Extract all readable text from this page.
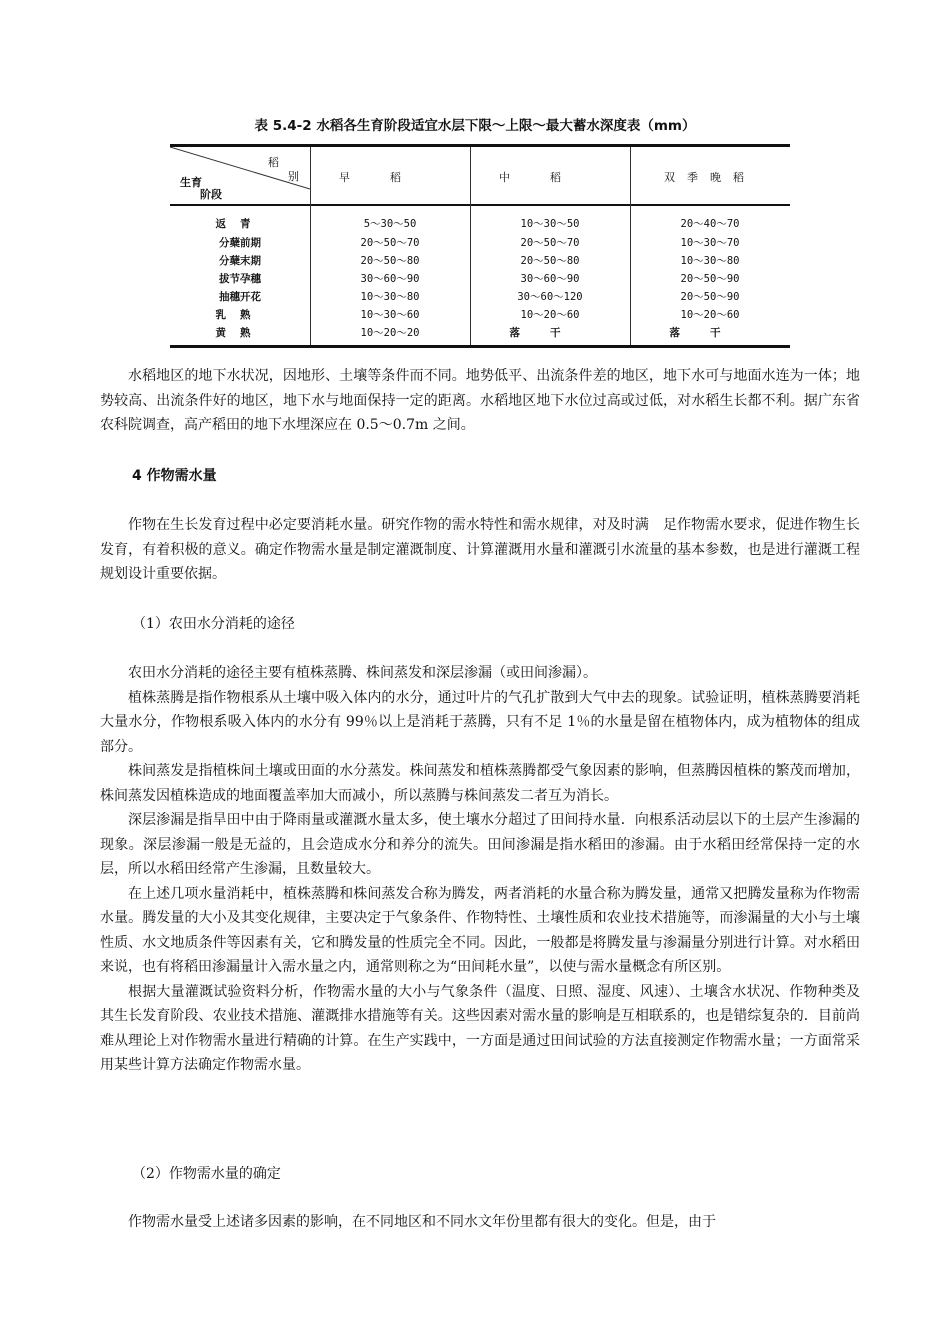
表 5.4-2 水稻各生育阶段适宜水层下限～上限～最大蓄水深度表（mm）
稻
别
生育
阶段
早稻	中稻	双季晚稻
返青	5～30～50	10～30～50	20～40～70
分蘖前期	20～50～70	20～50～70	10～30～70
分蘖末期	20～50～80	20～50～80	10～30～80
拔节孕穗	30～60～90	30～60～90	20～50～90
抽穗开花	10～30～80	30～60～120	20～50～90
乳熟	10～30～60	10～20～60	10～20～60
黄熟	10～20～20	落干	落干

水稻地区的地下水状况，因地形、土壤等条件而不同。地势低平、出流条件差的地区，地下水可与地面水连为一体；地势较高、出流条件好的地区，地下水与地面保持一定的距离。水稻地区地下水位过高或过低，对水稻生长都不利。据广东省农科院调查，高产稻田的地下水埋深应在 0.5～0.7m 之间。

4 作物需水量

作物在生长发育过程中必定要消耗水量。研究作物的需水特性和需水规律，对及时满　足作物需水要求，促进作物生长发育，有着积极的意义。确定作物需水量是制定灌溉制度、计算灌溉用水量和灌溉引水流量的基本参数，也是进行灌溉工程规划设计重要依据。

（1）农田水分消耗的途径

农田水分消耗的途径主要有植株蒸腾、株间蒸发和深层渗漏（或田间渗漏）。

植株蒸腾是指作物根系从土壤中吸入体内的水分，通过叶片的气孔扩散到大气中去的现象。试验证明，植株蒸腾要消耗大量水分，作物根系吸入体内的水分有 99％以上是消耗于蒸腾，只有不足 1％的水量是留在植物体内，成为植物体的组成部分。

株间蒸发是指植株间土壤或田面的水分蒸发。株间蒸发和植株蒸腾都受气象因素的影响，但蒸腾因植株的繁茂而增加，株间蒸发因植株造成的地面覆盖率加大而减小，所以蒸腾与株间蒸发二者互为消长。

深层渗漏是指旱田中由于降雨量或灌溉水量太多，使土壤水分超过了田间持水量．向根系活动层以下的土层产生渗漏的现象。深层渗漏一般是无益的，且会造成水分和养分的流失。田间渗漏是指水稻田的渗漏。由于水稻田经常保持一定的水层，所以水稻田经常产生渗漏，且数量较大。

在上述几项水量消耗中，植株蒸腾和株间蒸发合称为腾发，两者消耗的水量合称为腾发量，通常又把腾发量称为作物需水量。腾发量的大小及其变化规律，主要决定于气象条件、作物特性、土壤性质和农业技术措施等，而渗漏量的大小与土壤性质、水文地质条件等因素有关，它和腾发量的性质完全不同。因此，一般都是将腾发量与渗漏量分别进行计算。对水稻田来说，也有将稻田渗漏量计入需水量之内，通常则称之为“田间耗水量”，以使与需水量概念有所区别。

根据大量灌溉试验资料分析，作物需水量的大小与气象条件（温度、日照、湿度、风速）、土壤含水状况、作物种类及其生长发育阶段、农业技术措施、灌溉排水措施等有关。这些因素对需水量的影响是互相联系的，也是错综复杂的．目前尚难从理论上对作物需水量进行精确的计算。在生产实践中，一方面是通过田间试验的方法直接测定作物需水量；一方面常采用某些计算方法确定作物需水量。

（2）作物需水量的确定

作物需水量受上述诸多因素的影响，在不同地区和不同水文年份里都有很大的变化。但是，由于
